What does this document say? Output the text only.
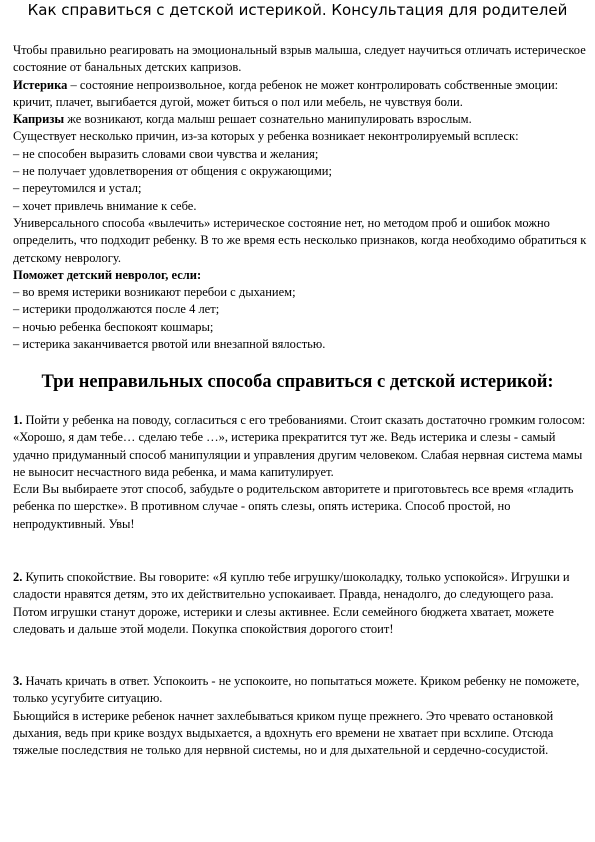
Как справиться с детской истерикой. Консультация для родителей

Чтобы правильно реагировать на эмоциональный взрыв малыша, следует научиться отличать истерическое состояние от банальных детских капризов.

Истерика – состояние непроизвольное, когда ребенок не может контролировать собственные эмоции: кричит, плачет, выгибается дугой, может биться о пол или мебель, не чувствуя боли.

Капризы же возникают, когда малыш решает сознательно манипулировать взрослым.

Существует несколько причин, из-за которых у ребенка возникает неконтролируемый всплеск:

– не способен выразить словами свои чувства и желания;

– не получает удовлетворения от общения с окружающими;

– переутомился и устал;

– хочет привлечь внимание к себе.

Универсального способа «вылечить» истерическое состояние нет, но методом проб и ошибок можно определить, что подходит ребенку. В то же время есть несколько признаков, когда необходимо обратиться к детскому неврологу.

Поможет детский невролог, если:

– во время истерики возникают перебои с дыханием;

– истерики продолжаются после 4 лет;

– ночью ребенка беспокоят кошмары;

– истерика заканчивается рвотой или внезапной вялостью.

Три неправильных способа справиться с детской истерикой:

1. Пойти у ребенка на поводу, согласиться с его требованиями. Стоит сказать достаточно громким голосом: «Хорошо, я дам тебе… сделаю тебе …», истерика прекратится тут же. Ведь истерика и слезы - самый удачно придуманный способ манипуляции и управления другим человеком. Слабая нервная система мамы не выносит несчастного вида ребенка, и мама капитулирует.

Если Вы выбираете этот способ, забудьте о родительском авторитете и приготовьтесь все время «гладить ребенка по шерстке». В противном случае - опять слезы, опять истерика. Способ простой, но непродуктивный. Увы!

2. Купить спокойствие. Вы говорите: «Я куплю тебе игрушку/шоколадку, только успокойся». Игрушки и сладости нравятся детям, это их действительно успокаивает. Правда, ненадолго, до следующего раза.

Потом игрушки станут дороже, истерики и слезы активнее. Если семейного бюджета хватает, можете следовать и дальше этой модели. Покупка спокойствия дорогого стоит!

3. Начать кричать в ответ. Успокоить - не успокоите, но попытаться можете. Криком ребенку не поможете, только усугубите ситуацию.

Бьющийся в истерике ребенок начнет захлебываться криком пуще прежнего. Это чревато остановкой дыхания, ведь при крике воздух выдыхается, а вдохнуть его времени не хватает при всхлипе. Отсюда тяжелые последствия не только для нервной системы, но и для дыхательной и сердечно-сосудистой.
